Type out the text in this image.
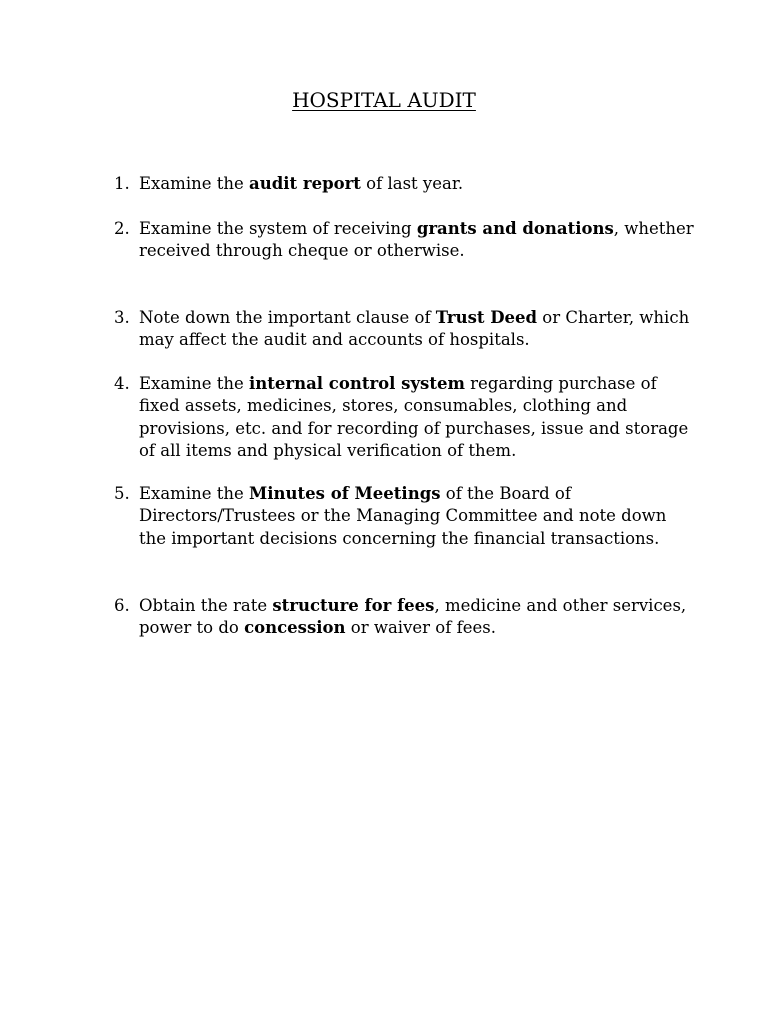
HOSPITAL AUDIT
1. Examine the audit report of last year.
2. Examine the system of receiving grants and donations, whether received through cheque or otherwise.
3. Note down the important clause of Trust Deed or Charter, which may affect the audit and accounts of hospitals.
4. Examine the internal control system regarding purchase of fixed assets, medicines, stores, consumables, clothing and provisions, etc. and for recording of purchases, issue and storage of all items and physical verification of them.
5. Examine the Minutes of Meetings of the Board of Directors/Trustees or the Managing Committee and note down the important decisions concerning the financial transactions.
6. Obtain the rate structure for fees, medicine and other services, power to do concession or waiver of fees.
